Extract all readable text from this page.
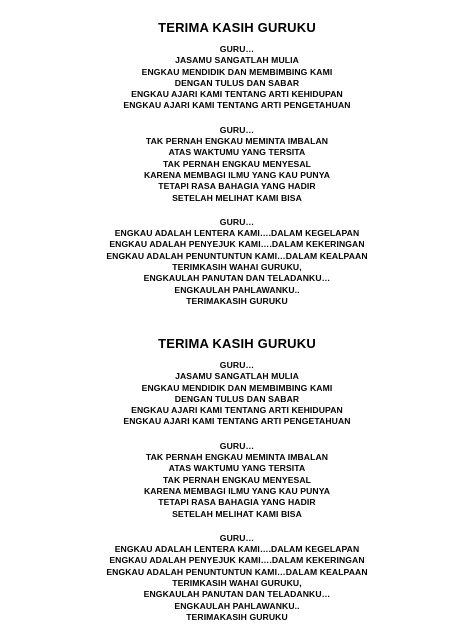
TERIMA KASIH GURUKU
GURU…
JASAMU SANGATLAH MULIA
ENGKAU MENDIDIK DAN MEMBIMBING KAMI
DENGAN TULUS DAN SABAR
ENGKAU AJARI KAMI TENTANG ARTI KEHIDUPAN
ENGKAU AJARI KAMI TENTANG ARTI PENGETAHUAN
GURU…
TAK PERNAH ENGKAU MEMINTA IMBALAN
ATAS WAKTUMU YANG TERSITA
TAK PERNAH ENGKAU MENYESAL
KARENA MEMBAGI ILMU YANG KAU PUNYA
TETAPI RASA BAHAGIA YANG HADIR
SETELAH MELIHAT KAMI BISA
GURU…
ENGKAU ADALAH LENTERA KAMI….DALAM KEGELAPAN
ENGKAU ADALAH PENYEJUK KAMI….DALAM KEKERINGAN
ENGKAU ADALAH PENUNTUNTUN KAMI…DALAM KEALPAAN
TERIMKASIH WAHAI GURUKU,
ENGKAULAH PANUTAN DAN TELADANKU…
ENGKAULAH PAHLAWANKU..
TERIMAKASIH GURUKU
TERIMA KASIH GURUKU
GURU…
JASAMU SANGATLAH MULIA
ENGKAU MENDIDIK DAN MEMBIMBING KAMI
DENGAN TULUS DAN SABAR
ENGKAU AJARI KAMI TENTANG ARTI KEHIDUPAN
ENGKAU AJARI KAMI TENTANG ARTI PENGETAHUAN
GURU…
TAK PERNAH ENGKAU MEMINTA IMBALAN
ATAS WAKTUMU YANG TERSITA
TAK PERNAH ENGKAU MENYESAL
KARENA MEMBAGI ILMU YANG KAU PUNYA
TETAPI RASA BAHAGIA YANG HADIR
SETELAH MELIHAT KAMI BISA
GURU…
ENGKAU ADALAH LENTERA KAMI….DALAM KEGELAPAN
ENGKAU ADALAH PENYEJUK KAMI….DALAM KEKERINGAN
ENGKAU ADALAH PENUNTUNTUN KAMI…DALAM KEALPAAN
TERIMKASIH WAHAI GURUKU,
ENGKAULAH PANUTAN DAN TELADANKU…
ENGKAULAH PAHLAWANKU..
TERIMAKASIH GURUKU
